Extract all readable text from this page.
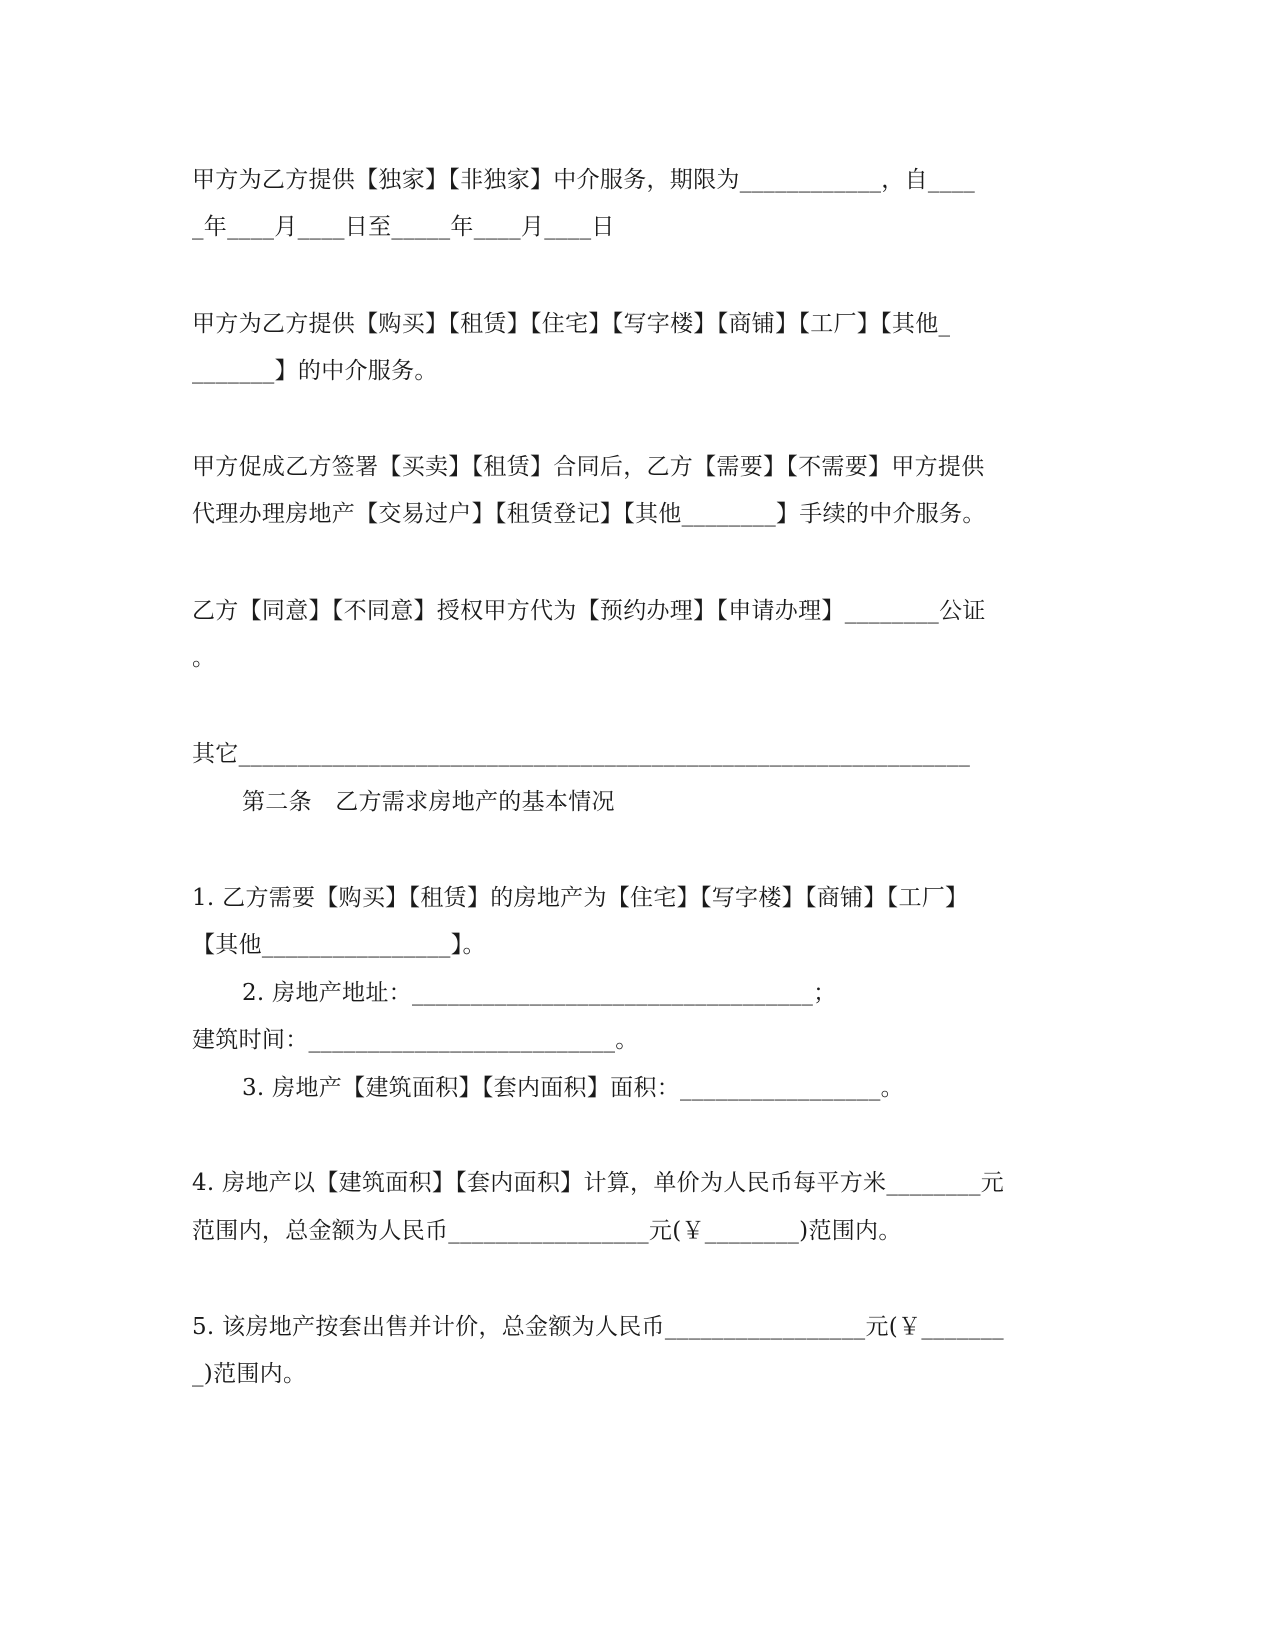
甲方为乙方提供【独家】【非独家】中介服务，期限为____________，自____
_年____月____日至_____年____月____日
甲方为乙方提供【购买】【租赁】【住宅】【写字楼】【商铺】【工厂】【其他_
_______】的中介服务。
甲方促成乙方签署【买卖】【租赁】合同后，乙方【需要】【不需要】甲方提供
代理办理房地产【交易过户】【租赁登记】【其他________】手续的中介服务。
乙方【同意】【不同意】授权甲方代为【预约办理】【申请办理】________公证
。
其它______________________________________________________________
第二条　乙方需求房地产的基本情况
1. 乙方需要【购买】【租赁】的房地产为【住宅】【写字楼】【商铺】【工厂】
【其他________________】。
2. 房地产地址：__________________________________；
建筑时间：__________________________。
3. 房地产【建筑面积】【套内面积】面积：_________________。
4. 房地产以【建筑面积】【套内面积】计算，单价为人民币每平方米________元
范围内，总金额为人民币_________________元(￥________)范围内。
5. 该房地产按套出售并计价，总金额为人民币_________________元(￥_______
_)范围内。
